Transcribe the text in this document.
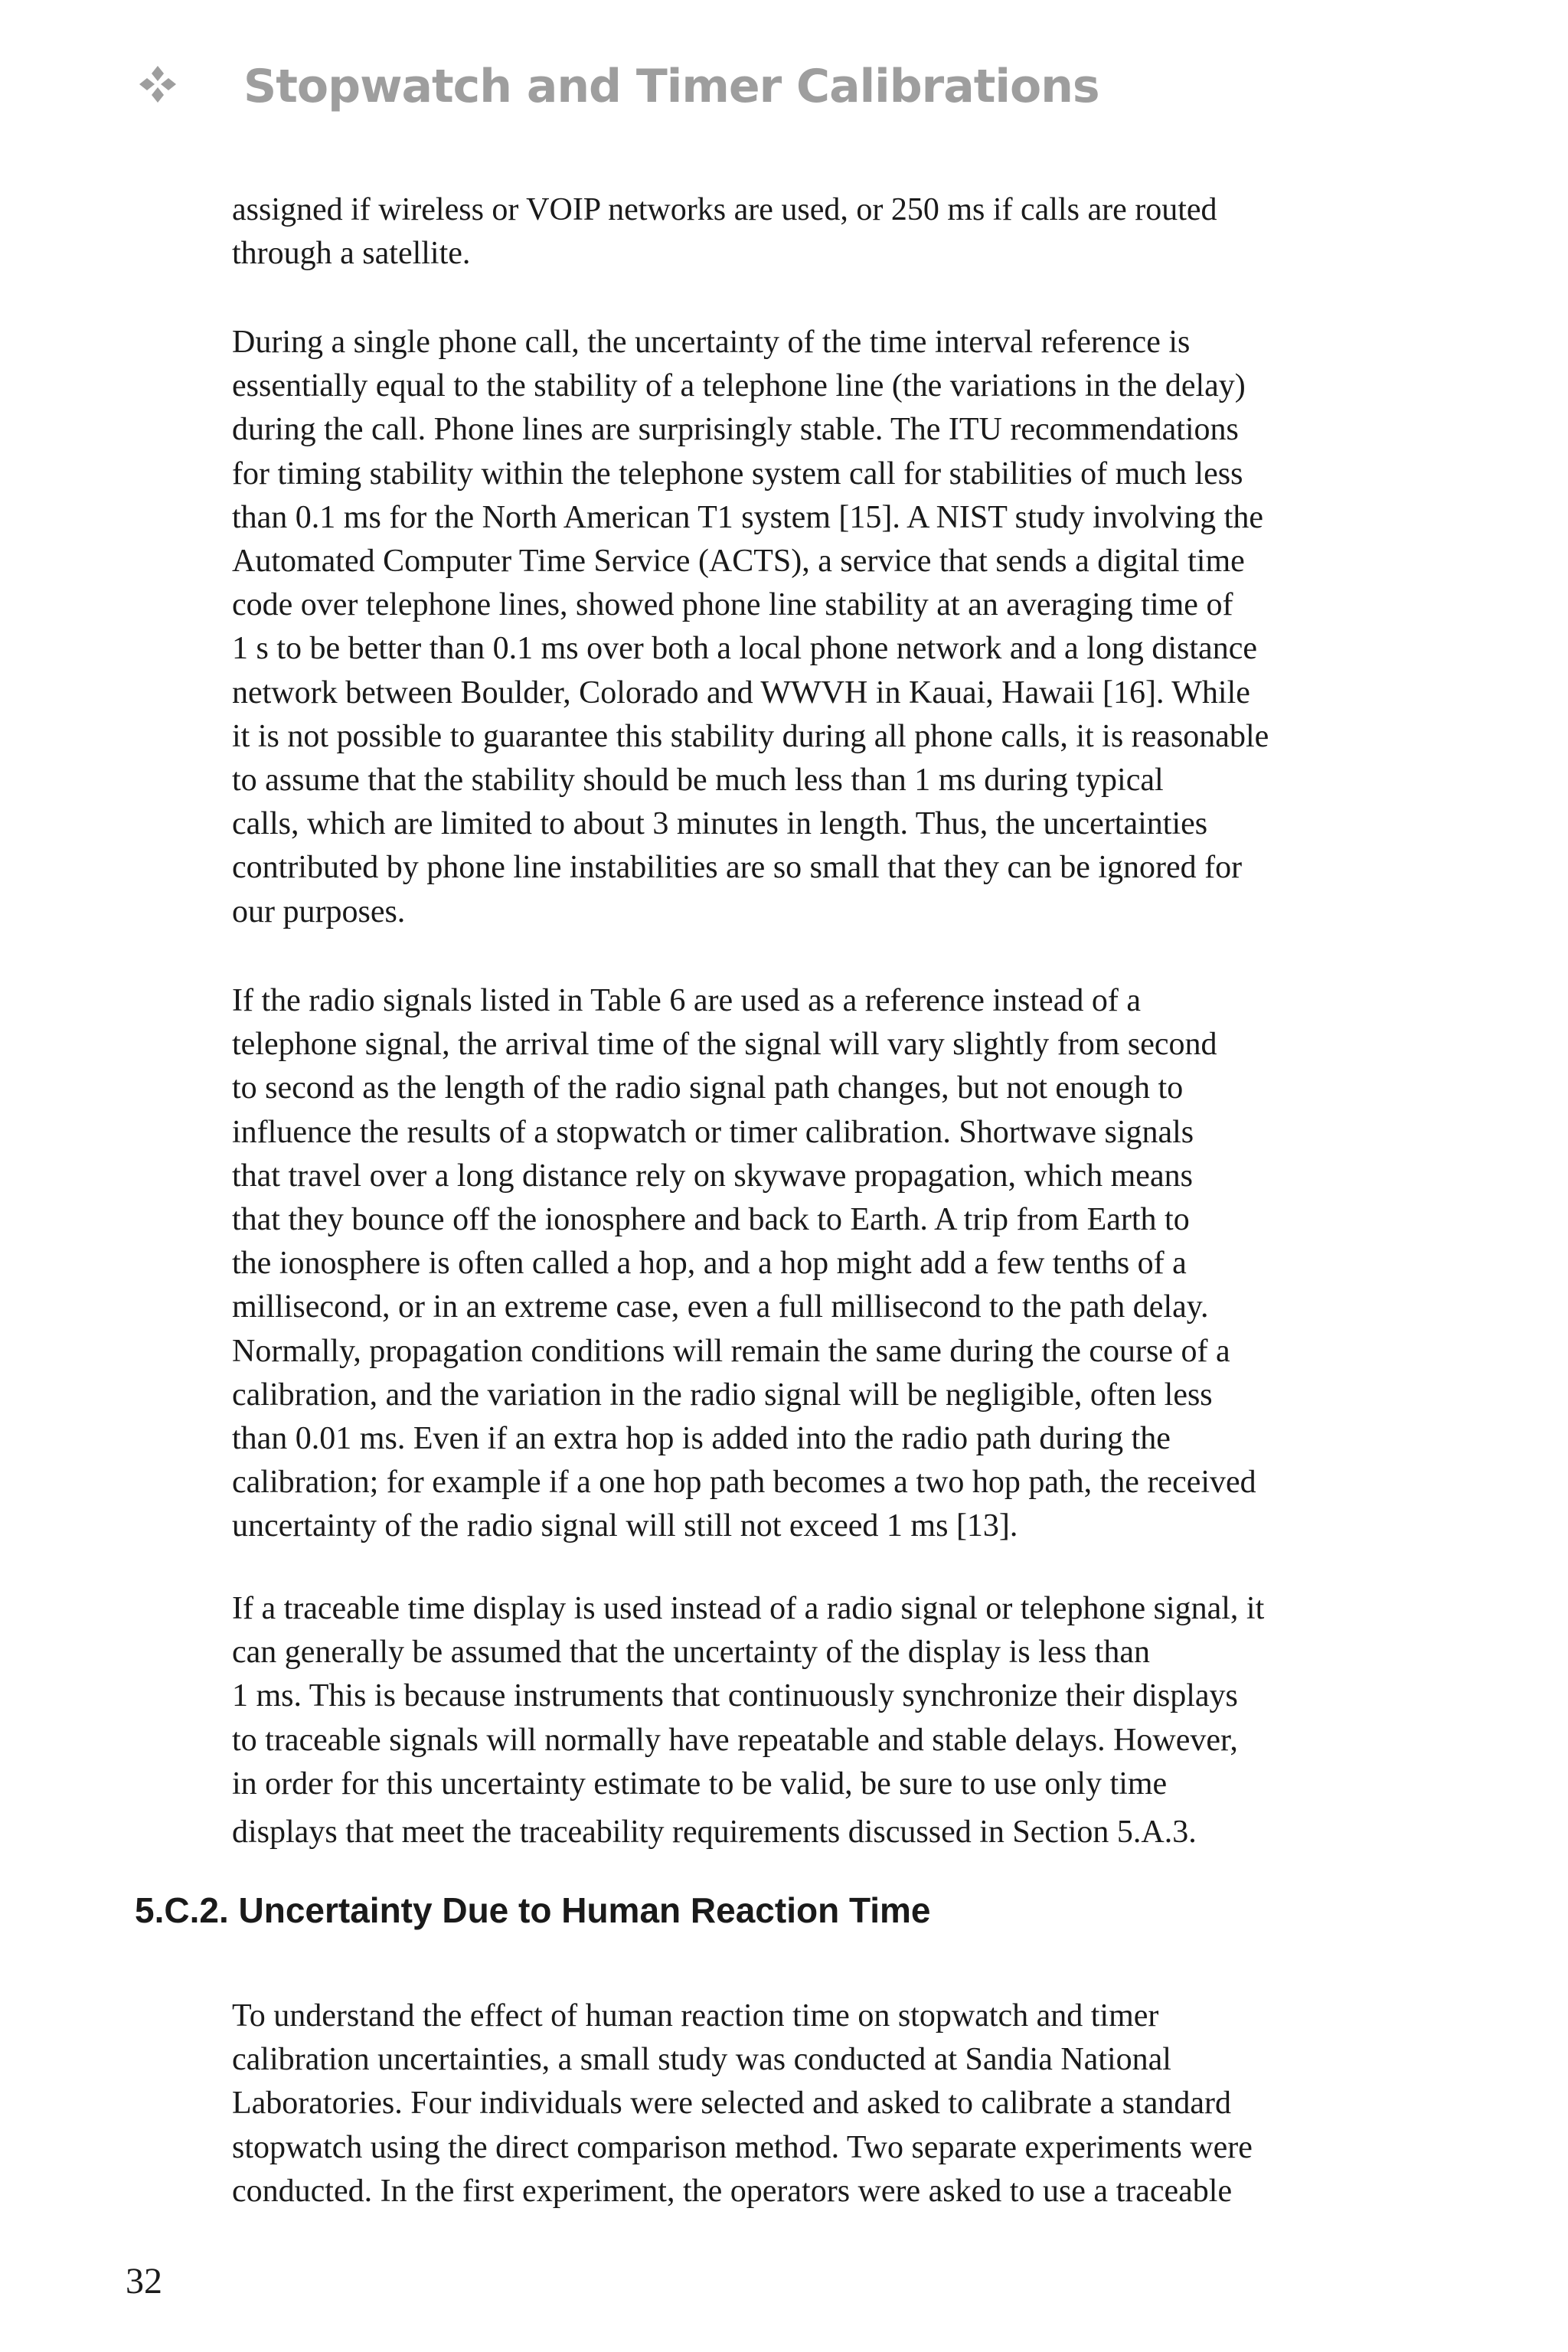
Stopwatch and Timer Calibrations

assigned if wireless or VOIP networks are used, or 250 ms if calls are routed
through a satellite.

During a single phone call, the uncertainty of the time interval reference is
essentially equal to the stability of a telephone line (the variations in the delay)
during the call. Phone lines are surprisingly stable. The ITU recommendations
for timing stability within the telephone system call for stabilities of much less
than 0.1 ms for the North American T1 system [15]. A NIST study involving the
Automated Computer Time Service (ACTS), a service that sends a digital time
code over telephone lines, showed phone line stability at an averaging time of
1 s to be better than 0.1 ms over both a local phone network and a long distance
network between Boulder, Colorado and WWVH in Kauai, Hawaii [16]. While
it is not possible to guarantee this stability during all phone calls, it is reasonable
to assume that the stability should be much less than 1 ms during typical
calls, which are limited to about 3 minutes in length. Thus, the uncertainties
contributed by phone line instabilities are so small that they can be ignored for
our purposes.

If the radio signals listed in Table 6 are used as a reference instead of a
telephone signal, the arrival time of the signal will vary slightly from second
to second as the length of the radio signal path changes, but not enough to
influence the results of a stopwatch or timer calibration. Shortwave signals
that travel over a long distance rely on skywave propagation, which means
that they bounce off the ionosphere and back to Earth. A trip from Earth to
the ionosphere is often called a hop, and a hop might add a few tenths of a
millisecond, or in an extreme case, even a full millisecond to the path delay.
Normally, propagation conditions will remain the same during the course of a
calibration, and the variation in the radio signal will be negligible, often less
than 0.01 ms. Even if an extra hop is added into the radio path during the
calibration; for example if a one hop path becomes a two hop path, the received
uncertainty of the radio signal will still not exceed 1 ms [13].

If a traceable time display is used instead of a radio signal or telephone signal, it
can generally be assumed that the uncertainty of the display is less than
1 ms. This is because instruments that continuously synchronize their displays
to traceable signals will normally have repeatable and stable delays. However,
in order for this uncertainty estimate to be valid, be sure to use only time
displays that meet the traceability requirements discussed in Section 5.A.3.

5.C.2. Uncertainty Due to Human Reaction Time

To understand the effect of human reaction time on stopwatch and timer
calibration uncertainties, a small study was conducted at Sandia National
Laboratories. Four individuals were selected and asked to calibrate a standard
stopwatch using the direct comparison method. Two separate experiments were
conducted. In the first experiment, the operators were asked to use a traceable

32
